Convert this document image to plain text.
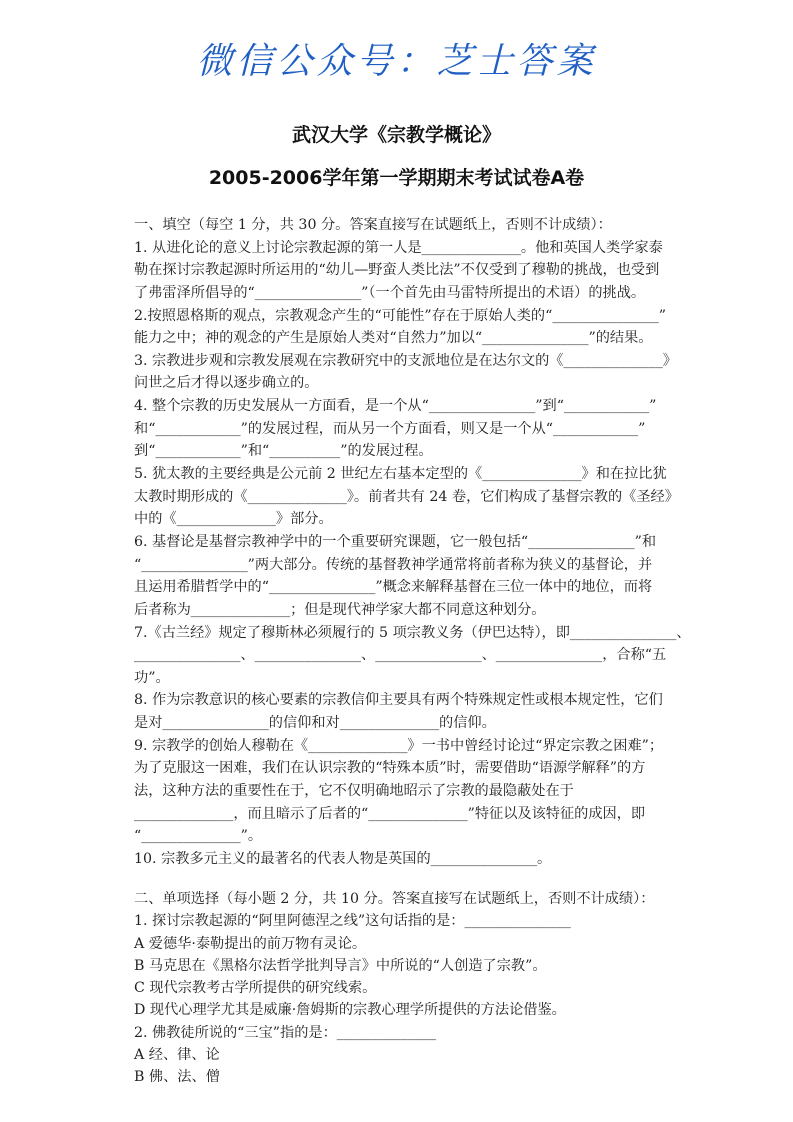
微信公众号：芝士答案
武汉大学《宗教学概论》
2005-2006学年第一学期期末考试试卷A卷
一、填空（每空 1 分，共 30 分。答案直接写在试题纸上，否则不计成绩）：
1. 从进化论的意义上讨论宗教起源的第一人是______________。他和英国人类学家泰
勒在探讨宗教起源时所运用的“幼儿—野蛮人类比法”不仅受到了穆勒的挑战，也受到
了弗雷泽所倡导的“_______________”（一个首先由马雷特所提出的术语）的挑战。
2.按照恩格斯的观点，宗教观念产生的“可能性”存在于原始人类的“_______________”
能力之中；神的观念的产生是原始人类对“自然力”加以“_______________”的结果。
3. 宗教进步观和宗教发展观在宗教研究中的支派地位是在达尔文的《______________》
问世之后才得以逐步确立的。
4. 整个宗教的历史发展从一方面看，是一个从“_______________”到“____________”
和“____________”的发展过程，而从另一个方面看，则又是一个从“____________”
到“____________”和“__________”的发展过程。
5. 犹太教的主要经典是公元前 2 世纪左右基本定型的《______________》和在拉比犹
太教时期形成的《______________》。前者共有 24 卷，它们构成了基督宗教的《圣经》
中的《______________》部分。
6. 基督论是基督宗教神学中的一个重要研究课题，它一般包括“_______________”和
“_______________”两大部分。传统的基督教神学通常将前者称为狭义的基督论，并
且运用希腊哲学中的“_______________”概念来解释基督在三位一体中的地位，而将
后者称为______________；但是现代神学家大都不同意这种划分。
7.《古兰经》规定了穆斯林必须履行的 5 项宗教义务（伊巴达特），即_______________、
_______________、_______________、_______________、_______________，合称“五
功”。
8. 作为宗教意识的核心要素的宗教信仰主要具有两个特殊规定性或根本规定性，它们
是对_______________的信仰和对______________的信仰。
9. 宗教学的创始人穆勒在《______________》一书中曾经讨论过“界定宗教之困难”；
为了克服这一困难，我们在认识宗教的“特殊本质”时，需要借助“语源学解释”的方
法，这种方法的重要性在于，它不仅明确地昭示了宗教的最隐蔽处在于
______________，而且暗示了后者的“______________”特征以及该特征的成因，即
“______________”。
10. 宗教多元主义的最著名的代表人物是英国的_______________。
二、单项选择（每小题 2 分，共 10 分。答案直接写在试题纸上，否则不计成绩）：
1. 探讨宗教起源的“阿里阿德涅之线”这句话指的是：_______________
A 爱德华·泰勒提出的前万物有灵论。
B 马克思在《黑格尔法哲学批判导言》中所说的“人创造了宗教”。
C 现代宗教考古学所提供的研究线索。
D 现代心理学尤其是威廉·詹姆斯的宗教心理学所提供的方法论借鉴。
2. 佛教徒所说的“三宝”指的是：______________
A 经、律、论
B 佛、法、僧
